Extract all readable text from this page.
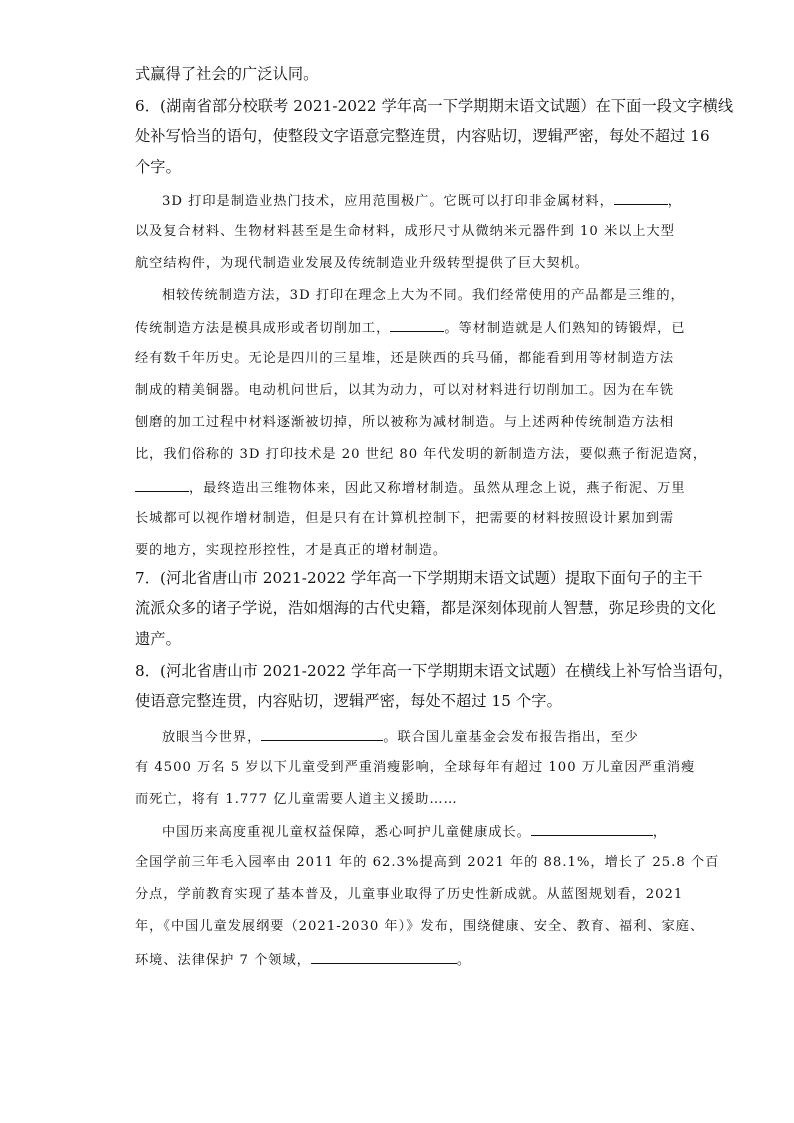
式赢得了社会的广泛认同。
6．(湖南省部分校联考 2021-2022 学年高一下学期期末语文试题）在下面一段文字横线
处补写恰当的语句，使整段文字语意完整连贯，内容贴切，逻辑严密，每处不超过 16
个字。
3D 打印是制造业热门技术，应用范围极广。它既可以打印非金属材料，	，
以及复合材料、生物材料甚至是生命材料，成形尺寸从微纳米元器件到 10 米以上大型
航空结构件，为现代制造业发展及传统制造业升级转型提供了巨大契机。
相较传统制造方法，3D 打印在理念上大为不同。我们经常使用的产品都是三维的，
传统制造方法是模具成形或者切削加工，	。等材制造就是人们熟知的铸锻焊，已
经有数千年历史。无论是四川的三星堆，还是陕西的兵马俑，都能看到用等材制造方法
制成的精美铜器。电动机问世后，以其为动力，可以对材料进行切削加工。因为在车铣
刨磨的加工过程中材料逐渐被切掉，所以被称为减材制造。与上述两种传统制造方法相
比，我们俗称的 3D 打印技术是 20 世纪 80 年代发明的新制造方法，要似燕子衔泥造窝，
，最终造出三维物体来，因此又称增材制造。虽然从理念上说，燕子衔泥、万里
长城都可以视作增材制造，但是只有在计算机控制下，把需要的材料按照设计累加到需
要的地方，实现控形控性，才是真正的增材制造。
7．(河北省唐山市 2021-2022 学年高一下学期期末语文试题）提取下面句子的主干
流派众多的诸子学说，浩如烟海的古代史籍，都是深刻体现前人智慧，弥足珍贵的文化
遗产。
8．(河北省唐山市 2021-2022 学年高一下学期期末语文试题）在横线上补写恰当语句，
使语意完整连贯，内容贴切，逻辑严密，每处不超过 15 个字。
放眼当今世界，	。联合国儿童基金会发布报告指出，至少
有 4500 万名 5 岁以下儿童受到严重消瘦影响，全球每年有超过 100 万儿童因严重消瘦
而死亡，将有 1.777 亿儿童需要人道主义援助……
中国历来高度重视儿童权益保障，悉心呵护儿童健康成长。	，
全国学前三年毛入园率由 2011 年的 62.3%提高到 2021 年的 88.1%，增长了 25.8 个百
分点，学前教育实现了基本普及，儿童事业取得了历史性新成就。从蓝图规划看，2021
年，《中国儿童发展纲要（2021-2030 年）》发布，围绕健康、安全、教育、福利、家庭、
环境、法律保护 7 个领域，	。
